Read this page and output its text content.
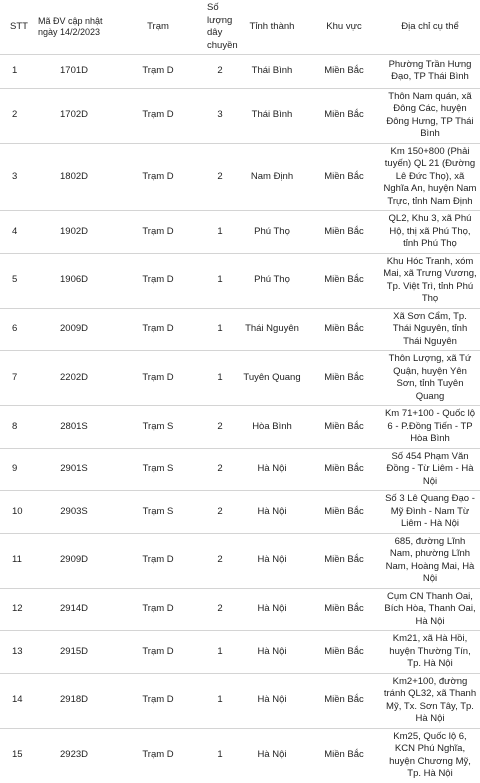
STT	Mã ĐV cập nhật ngày 14/2/2023	Trạm	Số lượng dây chuyền	Tỉnh thành	Khu vực	Địa chỉ cụ thể
1	1701D	Trạm D	2	Thái Bình	Miền Bắc	Phường Trần Hưng Đạo, TP Thái Bình
2	1702D	Trạm D	3	Thái Bình	Miền Bắc	Thôn Nam quán, xã Đông Các, huyện Đông Hưng, TP Thái Bình
3	1802D	Trạm D	2	Nam Định	Miền Bắc	Km 150+800 (Phải tuyến) QL 21 (Đường Lê Đức Thọ), xã Nghĩa An, huyện Nam Trực, tỉnh Nam Định
4	1902D	Trạm D	1	Phú Thọ	Miền Bắc	QL2, Khu 3, xã Phú Hộ, thị xã Phú Thọ, tỉnh Phú Thọ
5	1906D	Trạm D	1	Phú Thọ	Miền Bắc	Khu Hóc Tranh, xóm Mai, xã Trưng Vương, Tp. Việt Trì, tỉnh Phú Thọ
6	2009D	Trạm D	1	Thái Nguyên	Miền Bắc	Xã Sơn Cẩm, Tp. Thái Nguyên, tỉnh Thái Nguyên
7	2202D	Trạm D	1	Tuyên Quang	Miền Bắc	Thôn Lượng, xã Tứ Quận, huyện Yên Sơn, tỉnh Tuyên Quang
8	2801S	Trạm S	2	Hòa Bình	Miền Bắc	Km 71+100 - Quốc lộ 6 - P.Đồng Tiến - TP Hòa Bình
9	2901S	Trạm S	2	Hà Nội	Miền Bắc	Số 454 Phạm Văn Đồng - Từ Liêm - Hà Nội
10	2903S	Trạm S	2	Hà Nội	Miền Bắc	Số 3 Lê Quang Đạo - Mỹ Đình - Nam Từ Liêm - Hà Nội
11	2909D	Trạm D	2	Hà Nội	Miền Bắc	685, đường Lĩnh Nam, phường Lĩnh Nam, Hoàng Mai, Hà Nội
12	2914D	Trạm D	2	Hà Nội	Miền Bắc	Cụm CN Thanh Oai, Bích Hòa, Thanh Oai, Hà Nội
13	2915D	Trạm D	1	Hà Nội	Miền Bắc	Km21, xã Hà Hồi, huyện Thường Tín, Tp. Hà Nội
14	2918D	Trạm D	1	Hà Nội	Miền Bắc	Km2+100, đường tránh QL32, xã Thanh Mỹ, Tx. Sơn Tây, Tp. Hà Nội
15	2923D	Trạm D	1	Hà Nội	Miền Bắc	Km25, Quốc lộ 6, KCN Phú Nghĩa, huyện Chương Mỹ, Tp. Hà Nội
